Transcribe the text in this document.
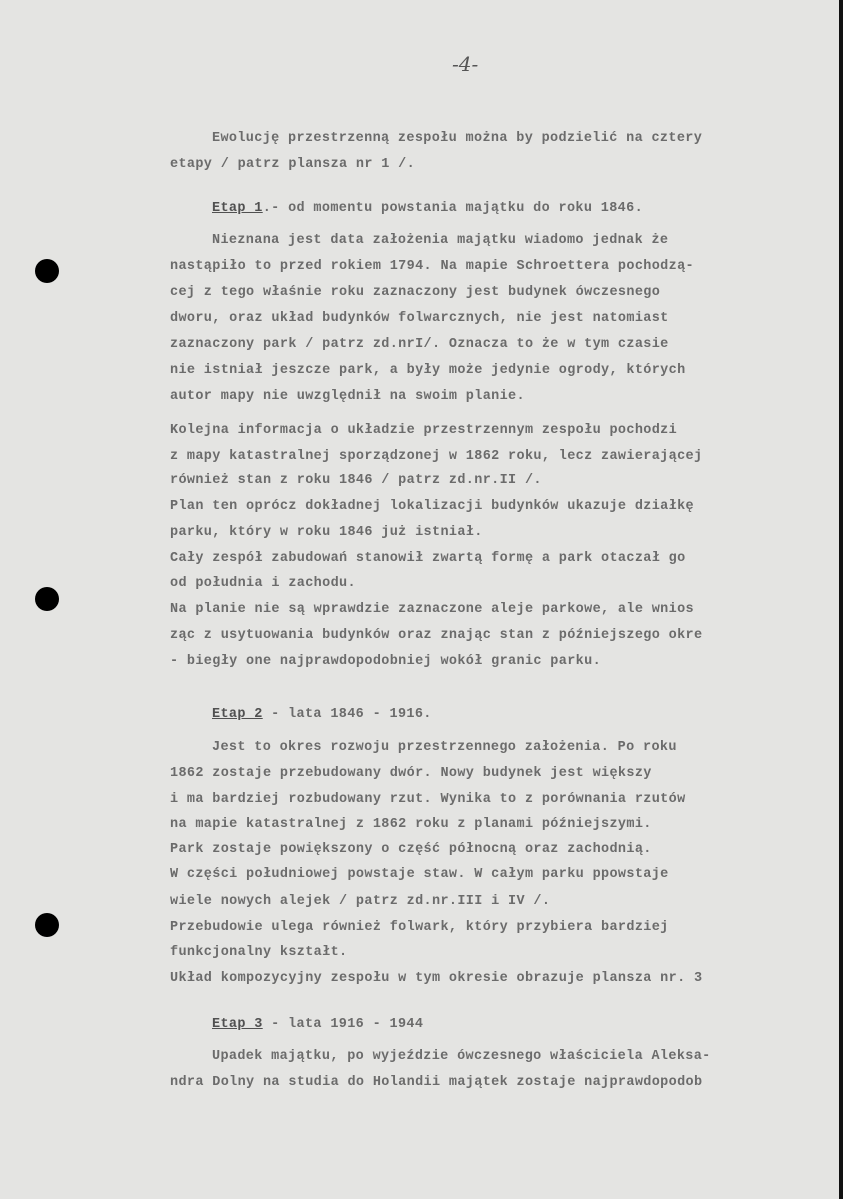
-4-
Ewolucję przestrzenną zespołu można by podzielić na cztery
etapy / patrz plansza nr 1 /.
Etap 1.- od momentu powstania majątku do roku 1846.
Nieznana jest data założenia majątku wiadomo jednak że
nastąpiło to przed rokiem 1794. Na mapie Schroettera pochodzą-
cej z tego właśnie roku zaznaczony jest budynek ówczesnego
dworu, oraz układ budynków folwarcznych, nie jest natomiast
zaznaczony park / patrz zd.nrI/. Oznacza to że w tym czasie
nie istniał jeszcze park, a były może jedynie ogrody, których
autor mapy nie uwzględnił na swoim planie.
Kolejna informacja o układzie przestrzennym zespołu pochodzi
z mapy katastralnej sporządzonej w 1862 roku, lecz zawierającej
również stan z roku 1846 / patrz zd.nr.II /.
Plan ten oprócz dokładnej lokalizacji budynków ukazuje działkę
parku, który w roku 1846 już istniał.
Cały zespół zabudowań stanowił zwartą formę a park otaczał go
od południa i zachodu.
Na planie nie są wprawdzie zaznaczone aleje parkowe, ale wnios
ząc z usytuowania budynków oraz znając stan z późniejszego okre
- biegły one najprawdopodobniej wokół granic parku.
Etap 2 - lata 1846 - 1916.
Jest to okres rozwoju przestrzennego założenia. Po roku
1862 zostaje przebudowany dwór. Nowy budynek jest większy
i ma bardziej rozbudowany rzut. Wynika to z porównania rzutów
na mapie katastralnej z 1862 roku z planami późniejszymi.
Park zostaje powiększony o część północną oraz zachodnią.
W części południowej powstaje staw. W całym parku ppowstaje
wiele nowych alejek / patrz zd.nr.III i IV /.
Przebudowie ulega również folwark, który przybiera bardziej
funkcjonalny kształt.
Układ kompozycyjny zespołu w tym okresie obrazuje plansza nr. 3
Etap 3 - lata 1916 - 1944
Upadek majątku, po wyjeździe ówczesnego właściciela Aleksa-
ndra Dolny na studia do Holandii majątek zostaje najprawdopodob
